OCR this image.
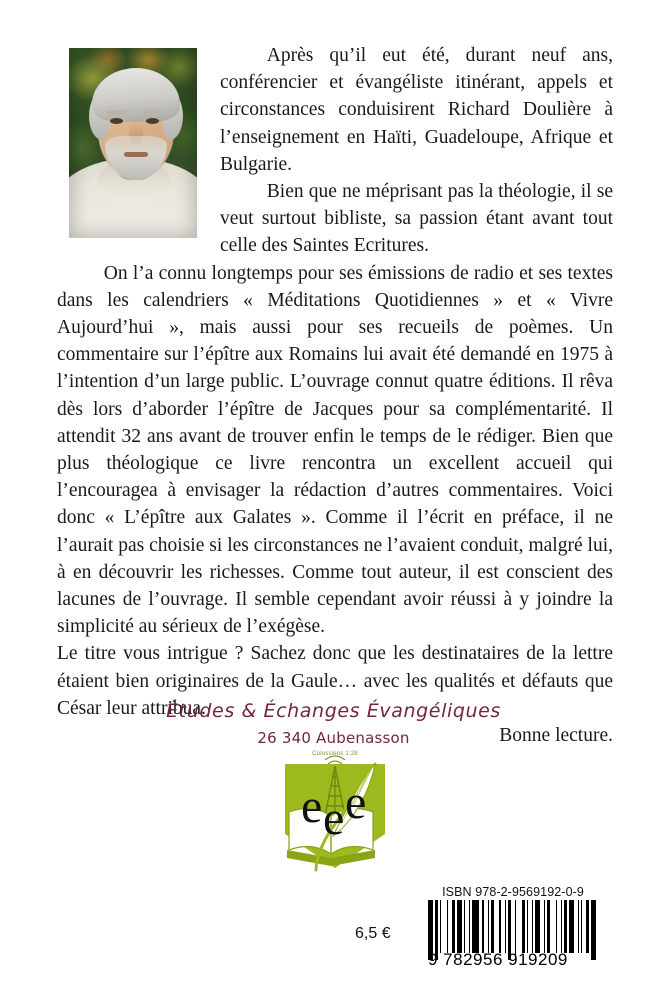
Après qu’il eut été, durant neuf ans, conférencier et évangéliste itinérant, appels et circonstances conduisirent Richard Doulière à l’enseignement en Haïti, Guadeloupe, Afrique et Bulgarie.

Bien que ne méprisant pas la théologie, il se veut surtout bibliste, sa passion étant avant tout celle des Saintes Ecritures.

On l’a connu longtemps pour ses émissions de radio et ses textes dans les calendriers « Méditations Quotidiennes » et « Vivre Aujourd’hui », mais aussi pour ses recueils de poèmes. Un commentaire sur l’épître aux Romains lui avait été demandé en 1975 à l’intention d’un large public. L’ouvrage connut quatre éditions. Il rêva dès lors d’aborder l’épître de Jacques pour sa complémentarité. Il attendit 32 ans avant de trouver enfin le temps de le rédiger. Bien que plus théologique ce livre rencontra un excellent accueil qui l’encouragea à envisager la rédaction d’autres commentaires. Voici donc « L’épître aux Galates ». Comme il l’écrit en préface, il ne l’aurait pas choisie si les circonstances ne l’avaient conduit, malgré lui, à en découvrir les richesses. Comme tout auteur, il est conscient des lacunes de l’ouvrage. Il semble cependant avoir réussi à y joindre la simplicité au sérieux de l’exégèse.

Le titre vous intrigue ? Sachez donc que les destinataires de la lettre étaient bien originaires de la Gaule… avec les qualités et défauts que César leur attribua.

Bonne lecture.

Études & Échanges Évangéliques
26 340 Aubenasson
e e e
Colossiens 1:28
ISBN 978-2-9569192-0-9
9 782956 919209
6,5 €
